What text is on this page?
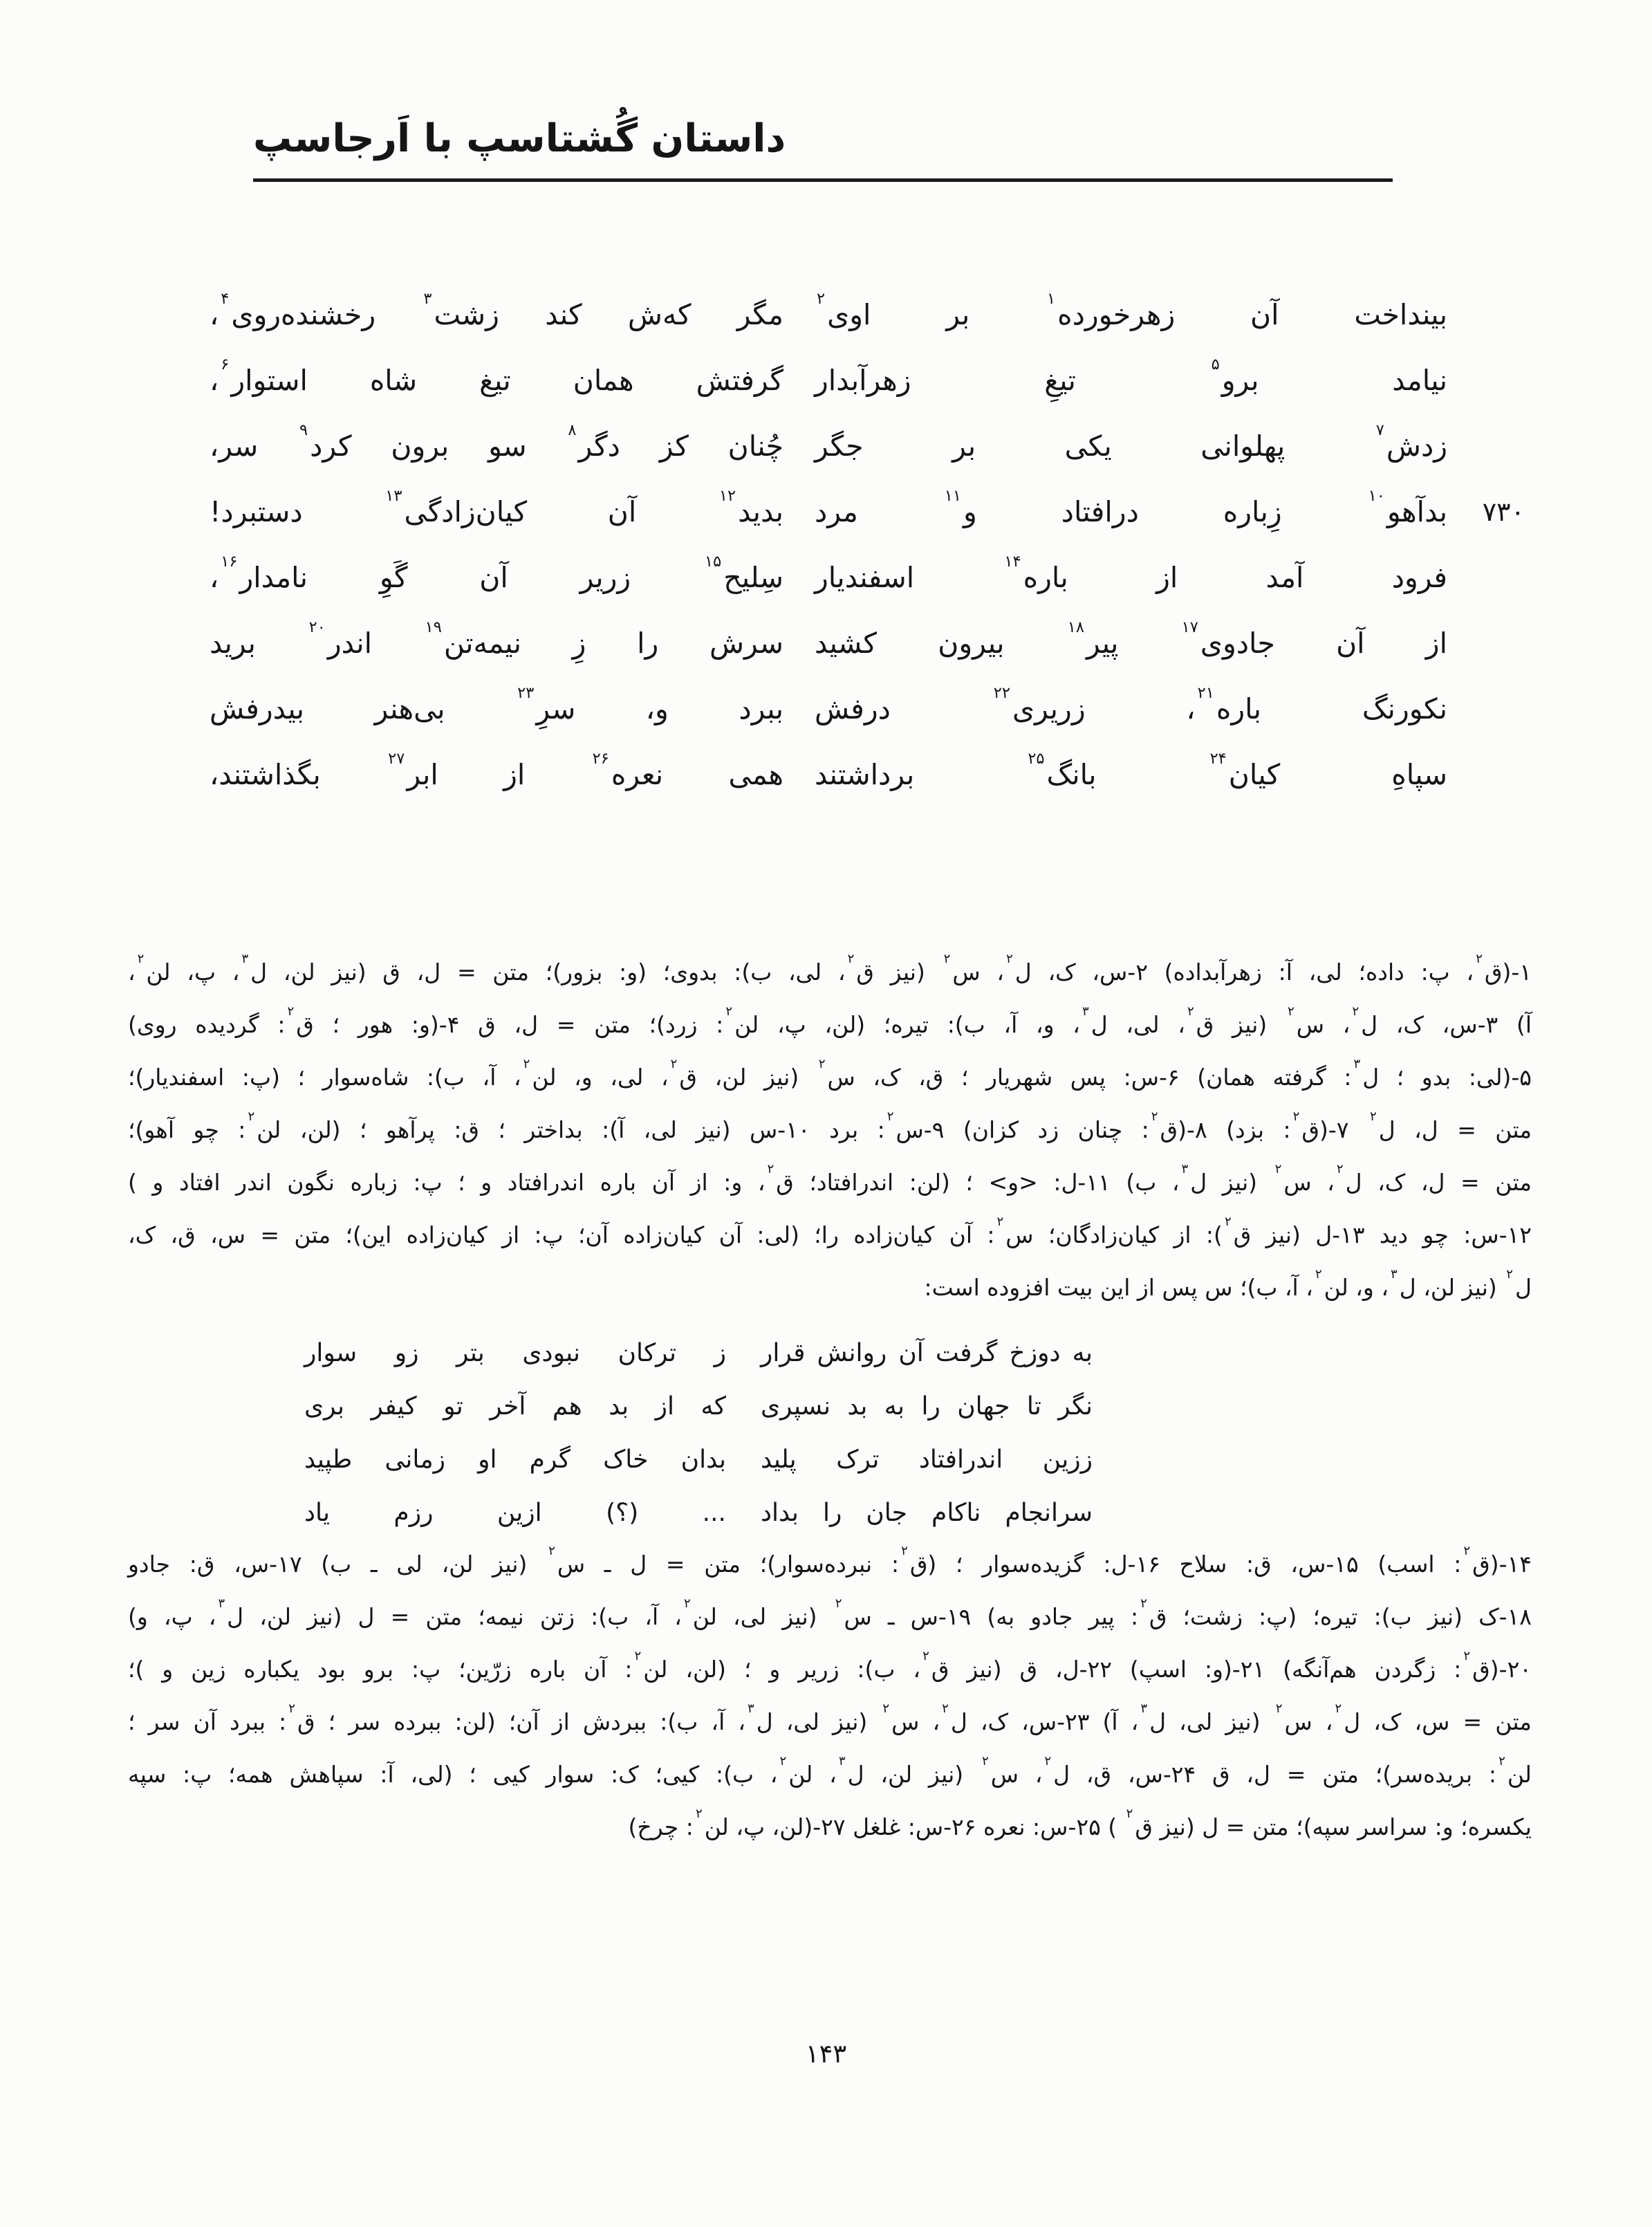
داستان گُشتاسپ با اَرجاسپ
بینداخت آن زهرخورده$^۱$ بر اوی$^۲$
مگر که‌ش کند زشت$^۳$ رخشنده‌روی$^۴$،
نیامد برو$^۵$ تیغِ زهرآبدار
گرفتش همان تیغ شاه استوار$^۶$،
زدش$^۷$ پهلوانی یکی بر جگر
چُنان کز دگر$^۸$ سو برون کرد$^۹$ سر،
۷۳۰
بدآهو$^{۱۰}$ زِباره درافتاد و$^{۱۱}$ مرد
بدید$^{۱۲}$ آن کیان‌زادگی$^{۱۳}$ دستبرد!
فرود آمد از باره$^{۱۴}$ اسفندیار
سِلیح$^{۱۵}$ زریر آن گَوِ نامدار$^{۱۶}$،
از آن جادوی$^{۱۷}$ پیر$^{۱۸}$ بیرون کشید
سرش را زِ نیمه‌تن$^{۱۹}$ اندر$^{۲۰}$ برید
نکورنگ باره$^{۲۱}$، زریری$^{۲۲}$ درفش
ببرد و، سرِ$^{۲۳}$ بی‌هنر بیدرفش
سپاهِ کیان$^{۲۴}$ بانگ$^{۲۵}$ برداشتند
همی نعره$^{۲۶}$ از ابر$^{۲۷}$ بگذاشتند،
۱-(ق$^۲$، پ: داده؛ لی، آ: زهرآبداده) ۲-س، ک، ل$^۲$، س$^۲$ (نیز ق$^۲$، لی، ب): بدوی؛ (و: بزور)؛ متن = ل، ق (نیز لن، ل$^۳$، پ، لن$^۲$،
آ) ۳-س، ک، ل$^۲$، س$^۲$ (نیز ق$^۲$، لی، ل$^۳$، و، آ، ب): تیره؛ (لن، پ، لن$^۲$: زرد)؛ متن = ل، ق ۴-(و: هور ؛ ق$^۲$: گردیده روی)
۵-(لی: بدو ؛ ل$^۳$: گرفته همان) ۶-س: پس شهریار ؛ ق، ک، س$^۲$ (نیز لن، ق$^۲$، لی، و، لن$^۲$، آ، ب): شاه‌سوار ؛ (پ: اسفندیار)؛
متن = ل، ل$^۲$ ۷-(ق$^۲$: بزد) ۸-(ق$^۲$: چنان زد کزان) ۹-س$^۲$: برد ۱۰-س (نیز لی، آ): بداختر ؛ ق: پرآهو ؛ (لن، لن$^۲$: چو آهو)؛
متن = ل، ک، ل$^۲$، س$^۲$ (نیز ل$^۳$، ب) ۱۱-ل: <و> ؛ (لن: اندرافتاد؛ ق$^۲$، و: از آن باره اندرافتاد و ؛ پ: زباره نگون اندر افتاد و )
۱۲-س: چو دید ۱۳-ل (نیز ق$^۲$): از کیان‌زادگان؛ س$^۲$: آن کیان‌زاده را؛ (لی: آن کیان‌زاده آن؛ پ: از کیان‌زاده این)؛ متن = س، ق، ک،
ل$^۲$ (نیز لن، ل$^۳$، و، لن$^۲$، آ، ب)؛ س پس از این بیت افزوده است:
به دوزخ گرفت آن روانش قرار
ز ترکان نبودی بتر زو سوار
نگر تا جهان را به بد نسپری
که از بد هم آخر تو کیفر بری
ززین اندرافتاد ترک پلید
بدان خاک گرم او زمانی طپید
سرانجام ناکام جان را بداد
... (؟) ازین رزم یاد
۱۴-(ق$^۲$: اسب) ۱۵-س، ق: سلاح ۱۶-ل: گزیده‌سوار ؛ (ق$^۲$: نبرده‌سوار)؛ متن = ل ـ س$^۲$ (نیز لن، لی ـ ب) ۱۷-س، ق: جادو
۱۸-ک (نیز ب): تیره؛ (پ: زشت؛ ق$^۲$: پیر جادو به) ۱۹-س ـ س$^۲$ (نیز لی، لن$^۲$، آ، ب): زتن نیمه؛ متن = ل (نیز لن، ل$^۳$، پ، و)
۲۰-(ق$^۲$: زگردن هم‌آنگه) ۲۱-(و: اسپ) ۲۲-ل، ق (نیز ق$^۲$، ب): زریر و ؛ (لن، لن$^۲$: آن باره زرّین؛ پ: برو بود یکباره زین و )؛
متن = س، ک، ل$^۲$، س$^۲$ (نیز لی، ل$^۳$، آ) ۲۳-س، ک، ل$^۲$، س$^۲$ (نیز لی، ل$^۳$، آ، ب): ببردش از آن؛ (لن: ببرده سر ؛ ق$^۲$: ببرد آن سر ؛
لن$^۲$: بریده‌سر)؛ متن = ل، ق ۲۴-س، ق، ل$^۲$، س$^۲$ (نیز لن، ل$^۳$، لن$^۲$، ب): کیی؛ ک: سوار کیی ؛ (لی، آ: سپاهش همه؛ پ: سپه
یکسره؛ و: سراسر سپه)؛ متن = ل (نیز ق$^۲$ ) ۲۵-س: نعره ۲۶-س: غلغل ۲۷-(لن، پ، لن$^۲$: چرخ)
۱۴۳
